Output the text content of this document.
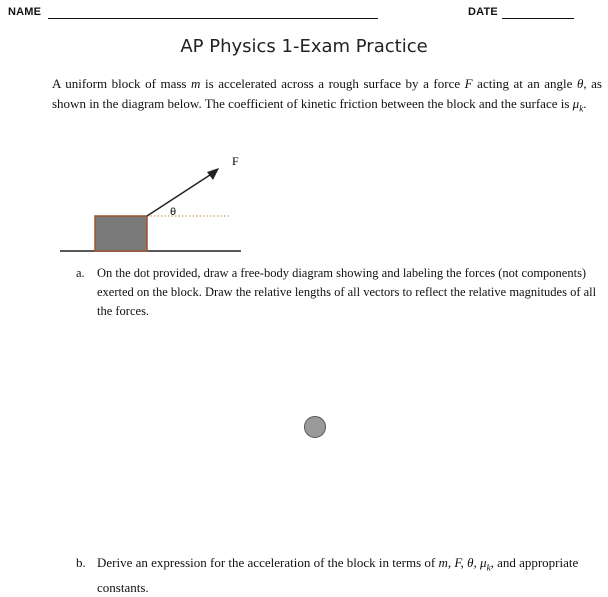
NAME	DATE
AP Physics 1-Exam Practice
A uniform block of mass m is accelerated across a rough surface by a force F acting at an angle θ, as shown in the diagram below. The coefficient of kinetic friction between the block and the surface is $\mu_k$.
F
θ
a. On the dot provided, draw a free-body diagram showing and labeling the forces (not components) exerted on the block. Draw the relative lengths of all vectors to reflect the relative magnitudes of all the forces.
b. Derive an expression for the acceleration of the block in terms of m, F, θ, $\mu_k$, and appropriate constants.
